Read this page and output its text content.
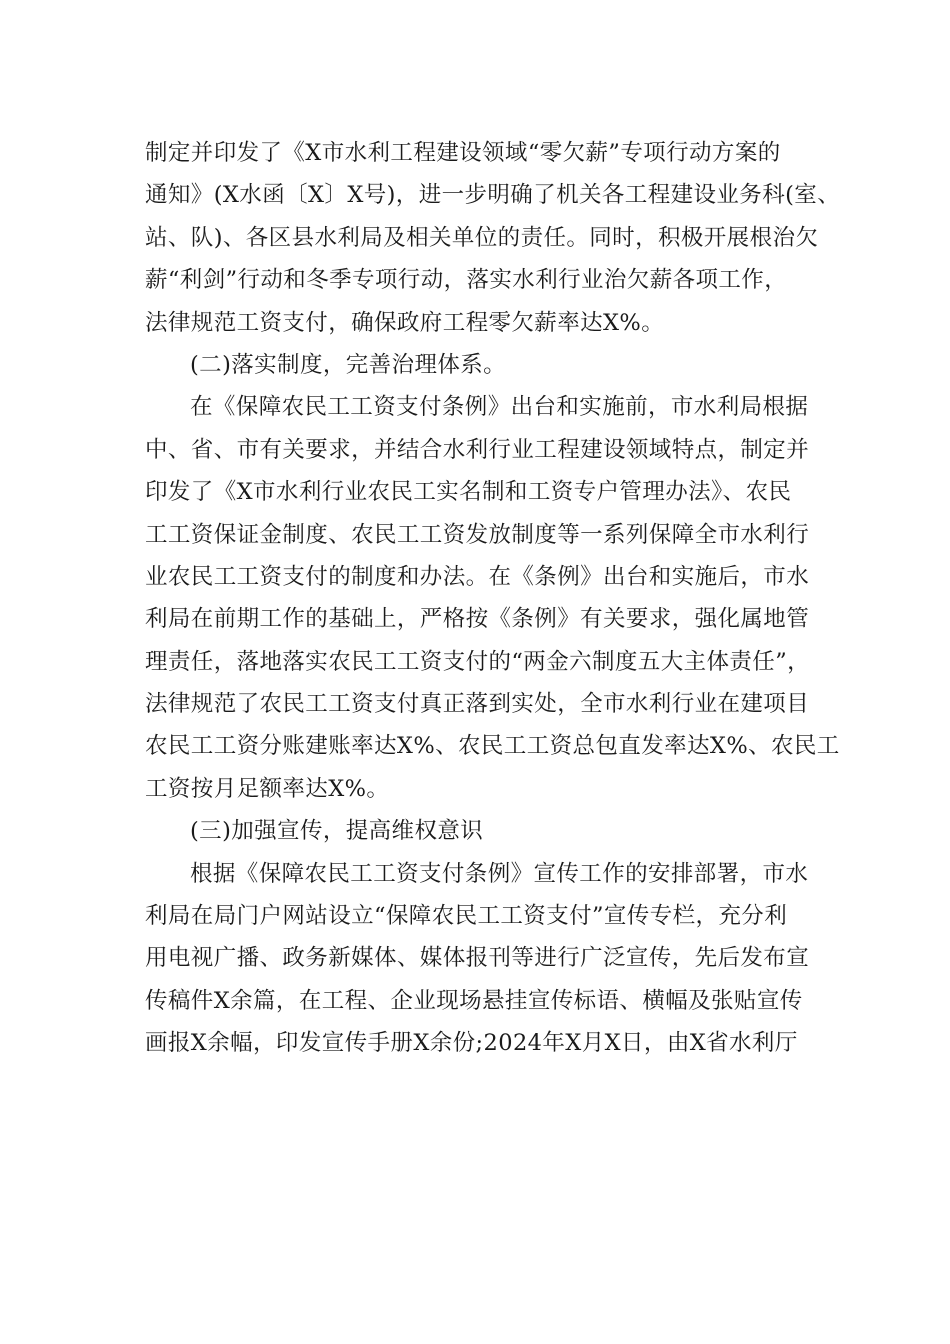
制定并印发了《X市水利工程建设领域“零欠薪”专项行动方案的
通知》(X水函〔X〕X号)，进一步明确了机关各工程建设业务科(室、
站、队)、各区县水利局及相关单位的责任。同时，积极开展根治欠
薪“利剑”行动和冬季专项行动，落实水利行业治欠薪各项工作，
法律规范工资支付，确保政府工程零欠薪率达X%。
(二)落实制度，完善治理体系。
在《保障农民工工资支付条例》出台和实施前，市水利局根据
中、省、市有关要求，并结合水利行业工程建设领域特点，制定并
印发了《X市水利行业农民工实名制和工资专户管理办法》、农民
工工资保证金制度、农民工工资发放制度等一系列保障全市水利行
业农民工工资支付的制度和办法。在《条例》出台和实施后，市水
利局在前期工作的基础上，严格按《条例》有关要求，强化属地管
理责任，落地落实农民工工资支付的“两金六制度五大主体责任”，
法律规范了农民工工资支付真正落到实处，全市水利行业在建项目
农民工工资分账建账率达X%、农民工工资总包直发率达X%、农民工
工资按月足额率达X%。
(三)加强宣传，提高维权意识
根据《保障农民工工资支付条例》宣传工作的安排部署，市水
利局在局门户网站设立“保障农民工工资支付”宣传专栏，充分利
用电视广播、政务新媒体、媒体报刊等进行广泛宣传，先后发布宣
传稿件X余篇，在工程、企业现场悬挂宣传标语、横幅及张贴宣传
画报X余幅，印发宣传手册X余份;2024年X月X日，由X省水利厅
